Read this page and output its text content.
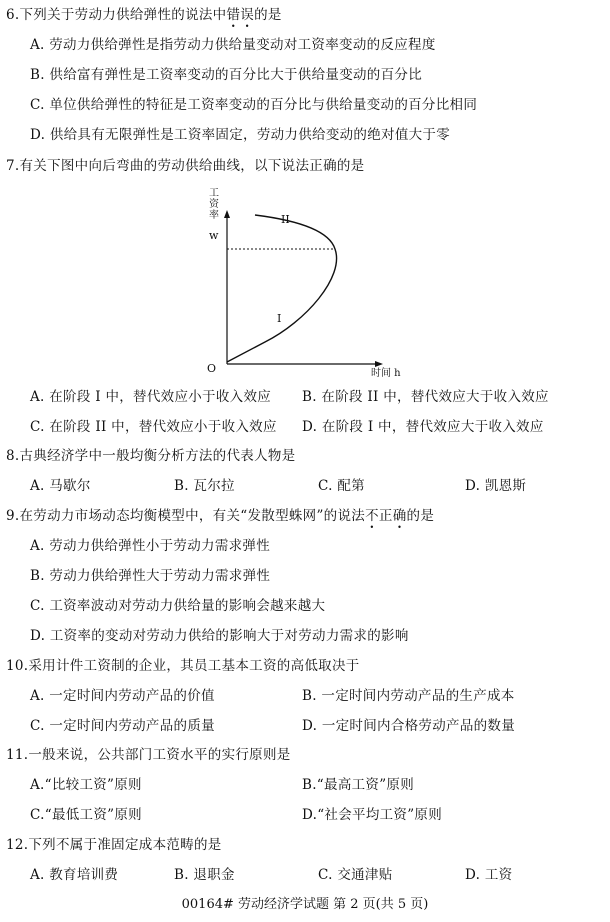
6.下列关于劳动力供给弹性的说法中错误的是
A. 劳动力供给弹性是指劳动力供给量变动对工资率变动的反应程度
B. 供给富有弹性是工资率变动的百分比大于供给量变动的百分比
C. 单位供给弹性的特征是工资率变动的百分比与供给量变动的百分比相同
D. 供给具有无限弹性是工资率固定，劳动力供给变动的绝对值大于零
7.有关下图中向后弯曲的劳动供给曲线，以下说法正确的是
工
资
率
w
I
II
O	时间 h
A. 在阶段 I 中，替代效应小于收入效应 B. 在阶段 II 中，替代效应大于收入效应
C. 在阶段 II 中，替代效应小于收入效应 D. 在阶段 I 中，替代效应大于收入效应
8.古典经济学中一般均衡分析方法的代表人物是
A. 马歇尔	B. 瓦尔拉	C. 配第	D. 凯恩斯
9.在劳动力市场动态均衡模型中，有关“发散型蛛网”的说法不正确的是
A. 劳动力供给弹性小于劳动力需求弹性
B. 劳动力供给弹性大于劳动力需求弹性
C. 工资率波动对劳动力供给量的影响会越来越大
D. 工资率的变动对劳动力供给的影响大于对劳动力需求的影响
10.采用计件工资制的企业，其员工基本工资的高低取决于
A. 一定时间内劳动产品的价值	B. 一定时间内劳动产品的生产成本
C. 一定时间内劳动产品的质量	D. 一定时间内合格劳动产品的数量
11.一般来说，公共部门工资水平的实行原则是
A.“比较工资”原则	B.“最高工资”原则
C.“最低工资”原则	D.“社会平均工资”原则
12.下列不属于准固定成本范畴的是
A. 教育培训费	B. 退职金	C. 交通津贴	D. 工资
00164# 劳动经济学试题 第 2 页(共 5 页)
